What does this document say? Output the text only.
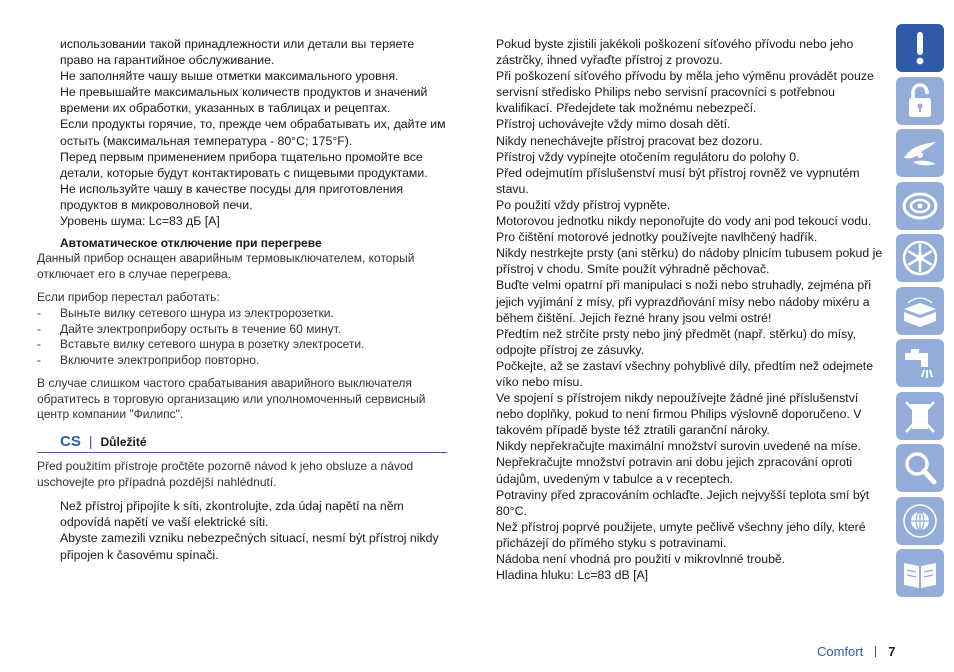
использовании такой принадлежности или детали вы теряете право на гарантийное обслуживание.

Не заполняйте чашу выше отметки максимального уровня.

Не превышайте максимальных количеств продуктов и значений времени их обработки, указанных в таблицах и рецептах.

Если продукты горячие, то, прежде чем обрабатывать их, дайте им остыть (максимальная температура - 80°C; 175°F).

Перед первым применением прибора тщательно промойте все детали, которые будут контактировать с пищевыми продуктами.

Не используйте чашу в качестве посуды для приготовления продуктов в микроволновой печи.

Уровень шума: Lc=83 дБ [A]

Автоматическое отключение при перегреве

Данный прибор оснащен аварийным термовыключателем, который отключает его в случае перегрева.

Если прибор перестал работать:

- Выньте вилку сетевого шнура из электророзетки.
- Дайте электроприбору остыть в течение 60 минут.
- Вставьте вилку сетевого шнура в розетку электросети.
- Включите электроприбор повторно.

В случае слишком частого срабатывания аварийного выключателя обратитесь в торговую организацию или уполномоченный сервисный центр компании "Филипс".

CS | Důležité

Před použitím přístroje pročtěte pozorně návod k jeho obsluze a návod uschovejte pro případná pozdější nahlédnutí.

Než přístroj připojíte k síti, zkontrolujte, zda údaj napětí na něm odpovídá napětí ve vaší elektrické síti.

Abyste zamezili vzniku nebezpečných situací, nesmí být přístroj nikdy připojen k časovému spínači.

Pokud byste zjistili jakékoli poškození síťového přívodu nebo jeho zástrčky, ihned vyřaďte přístroj z provozu.

Při poškození síťového přívodu by měla jeho výměnu provádět pouze servisní středisko Philips nebo servisní pracovníci s potřebnou kvalifikací. Předejdete tak možnému nebezpečí.

Přístroj uchovávejte vždy mimo dosah dětí.

Nikdy nenechávejte přístroj pracovat bez dozoru.

Přístroj vždy vypínejte otočením regulátoru do polohy 0.

Před odejmutím příslušenství musí být přístroj rovněž ve vypnutém stavu.

Po použití vždy přístroj vypněte.

Motorovou jednotku nikdy neponořujte do vody ani pod tekoucí vodu. Pro čištění motorové jednotky používejte navlhčený hadřík.

Nikdy nestrkejte prsty (ani stěrku) do nádoby plnicím tubusem pokud je přístroj v chodu. Smíte použít výhradně pěchovač.

Buďte velmi opatrní při manipulaci s noži nebo struhadly, zejména při jejich vyjímání z mísy, při vyprazdňování mísy nebo nádoby mixéru a během čištění. Jejich řezné hrany jsou velmi ostré!

Předtím než strčíte prsty nebo jiný předmět (např. stěrku) do mísy, odpojte přístroj ze zásuvky.

Počkejte, až se zastaví všechny pohyblivé díly, předtím než odejmete víko nebo mísu.

Ve spojení s přístrojem nikdy nepoužívejte žádné jiné příslušenství nebo doplňky, pokud to není firmou Philips výslovně doporučeno. V takovém případě byste též ztratili garanční nároky.

Nikdy nepřekračujte maximální množství surovin uvedené na míse.

Nepřekračujte množství potravin ani dobu jejich zpracování oproti údajům, uvedeným v tabulce a v receptech.

Potraviny před zpracováním ochlaďte. Jejich nejvyšší teplota smí být 80°C.

Než přístroj poprvé použijete, umyte pečlivě všechny jeho díly, které přicházejí do přímého styku s potravinami.

Nádoba není vhodná pro použití v mikrovlnné troubě.

Hladina hluku: Lc=83 dB [A]

Comfort 7
